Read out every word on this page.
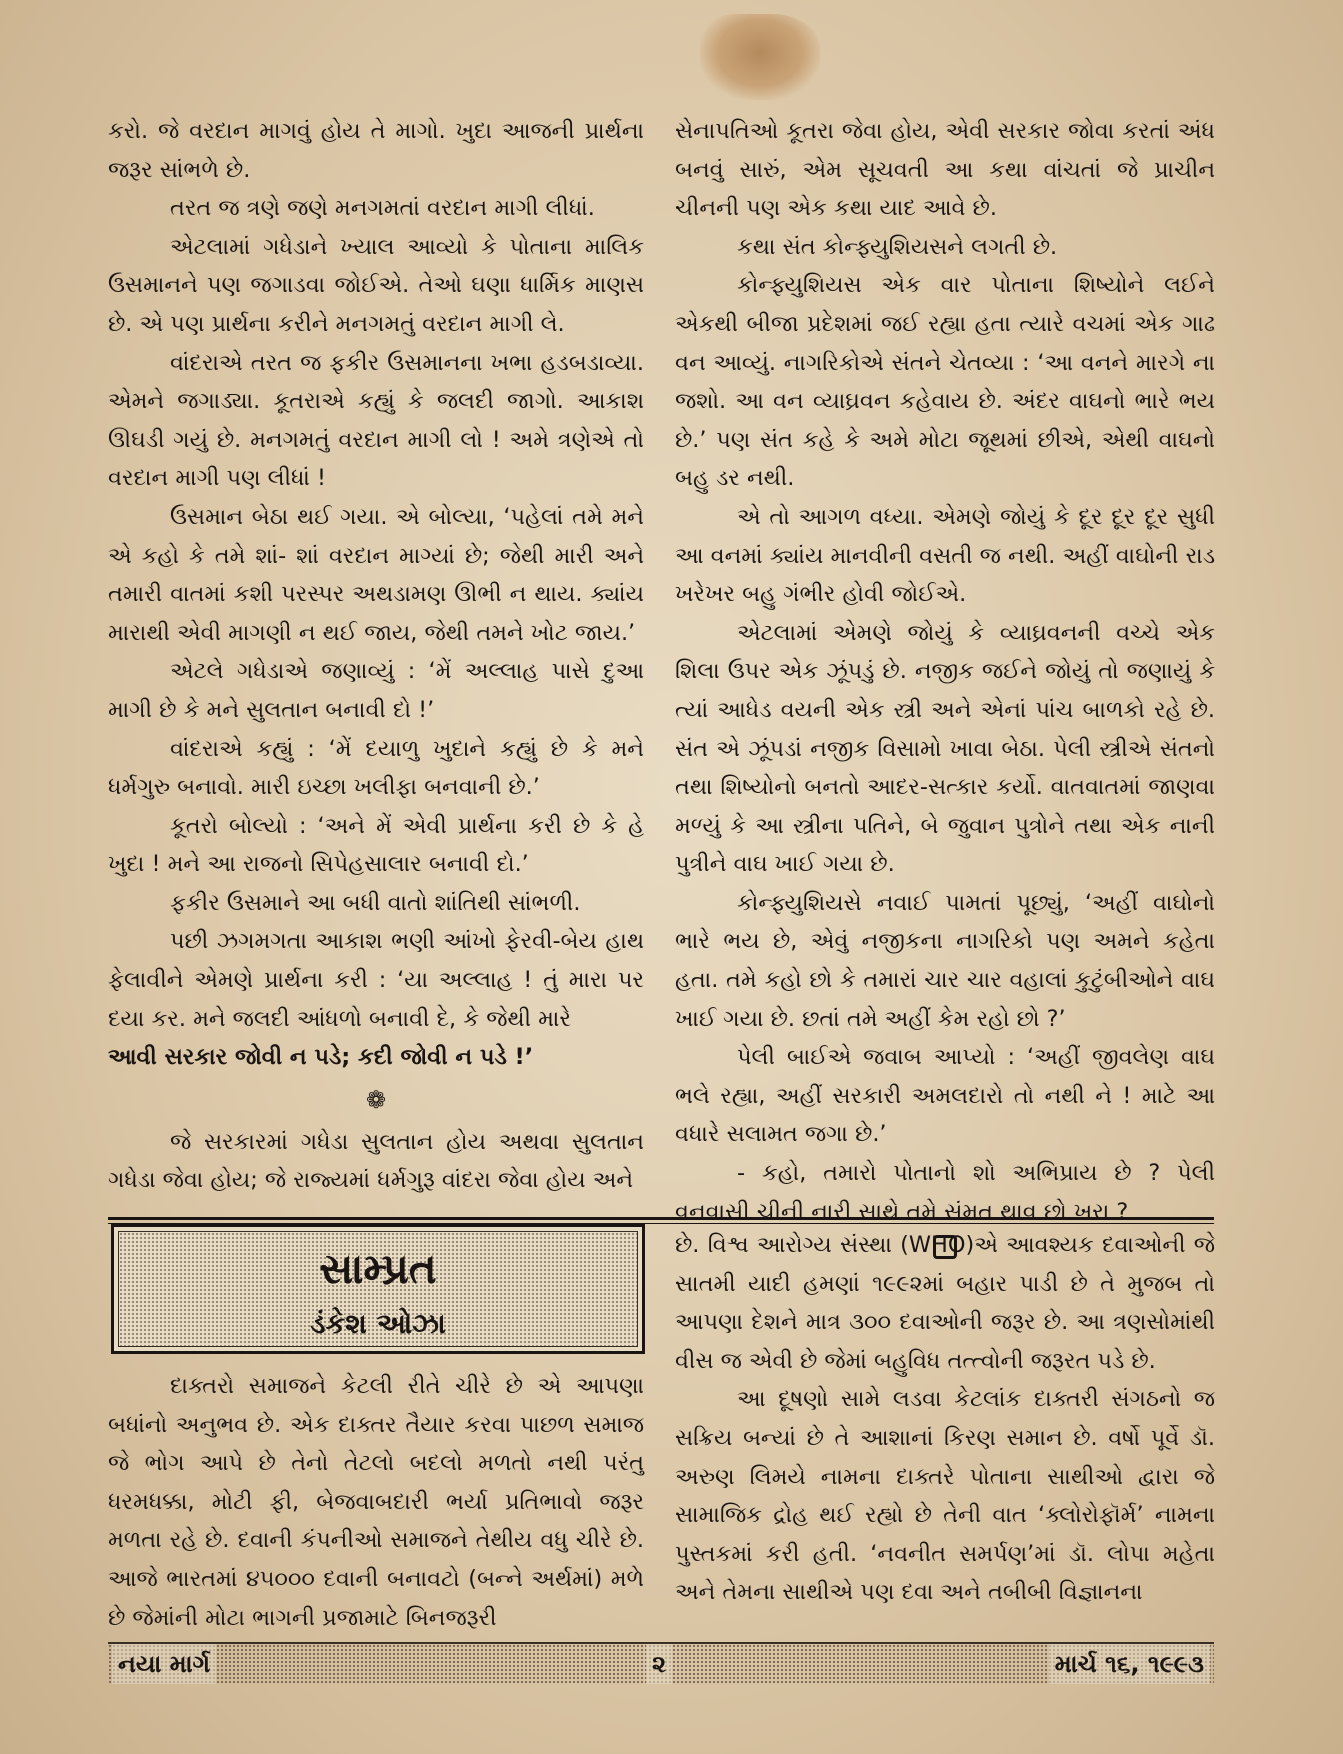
કરો. જે વરદાન માગવું હોય તે માગો. ખુદા આજની પ્રાર્થના જરૂર સાંભળે છે.

તરત જ ત્રણે જણે મનગમતાં વરદાન માગી લીધાં.

એટલામાં ગધેડાને ખ્યાલ આવ્યો કે પોતાના માલિક ઉસમાનને પણ જગાડવા જોઈએ. તેઓ ઘણા ધાર્મિક માણસ છે. એ પણ પ્રાર્થના કરીને મનગમતું વરદાન માગી લે.

વાંદરાએ તરત જ ફકીર ઉસમાનના ખભા હડબડાવ્યા. એમને જગાડ્યા. કૂતરાએ કહ્યું કે જલદી જાગો. આકાશ ઊઘડી ગયું છે. મનગમતું વરદાન માગી લો ! અમે ત્રણેએ તો વરદાન માગી પણ લીધાં !

ઉસમાન બેઠા થઈ ગયા. એ બોલ્યા, ‘પહેલાં તમે મને એ કહો કે તમે શાં- શાં વરદાન માગ્યાં છે; જેથી મારી અને તમારી વાતમાં કશી પરસ્પર અથડામણ ઊભી ન થાય. ક્યાંય મારાથી એવી માગણી ન થઈ જાય, જેથી તમને ખોટ જાય.’

એટલે ગધેડાએ જણાવ્યું : ‘મેં અલ્લાહ પાસે દુઆ માગી છે કે મને સુલતાન બનાવી દો !’

વાંદરાએ કહ્યું : ‘મેં દયાળુ ખુદાને કહ્યું છે કે મને ધર્મગુરુ બનાવો. મારી ઇચ્છા ખલીફા બનવાની છે.’

કૂતરો બોલ્યો : ‘અને મેં એવી પ્રાર્થના કરી છે કે હે ખુદા ! મને આ રાજનો સિપેહસાલાર બનાવી દો.’

ફકીર ઉસમાને આ બધી વાતો શાંતિથી સાંભળી.

પછી ઝગમગતા આકાશ ભણી આંખો ફેરવી-બેય હાથ ફેલાવીને એમણે પ્રાર્થના કરી : ‘યા અલ્લાહ ! તું મારા પર દયા કર. મને જલદી આંધળો બનાવી દે, કે જેથી મારે

આવી સરકાર જોવી ન પડે; કદી જોવી ન પડે !’

❁

જે સરકારમાં ગધેડા સુલતાન હોય અથવા સુલતાન ગધેડા જેવા હોય; જે રાજ્યમાં ધર્મગુરૂ વાંદરા જેવા હોય અને

સેનાપતિઓ કૂતરા જેવા હોય, એવી સરકાર જોવા કરતાં અંધ બનવું સારું, એમ સૂચવતી આ કથા વાંચતાં જે પ્રાચીન ચીનની પણ એક કથા યાદ આવે છે.

કથા સંત કોન્ફ્યુશિયસને લગતી છે.

કોન્ફ્યુશિયસ એક વાર પોતાના શિષ્યોને લઈને એકથી બીજા પ્રદેશમાં જઈ રહ્યા હતા ત્યારે વચમાં એક ગાઢ વન આવ્યું. નાગરિકોએ સંતને ચેતવ્યા : ‘આ વનને મારગે ના જશો. આ વન વ્યાઘ્રવન કહેવાય છે. અંદર વાઘનો ભારે ભય છે.’ પણ સંત કહે કે અમે મોટા જૂથમાં છીએ, એથી વાઘનો બહુ ડર નથી.

એ તો આગળ વધ્યા. એમણે જોયું કે દૂર દૂર દૂર સુધી આ વનમાં ક્યાંય માનવીની વસતી જ નથી. અહીં વાઘોની રાડ ખરેખર બહુ ગંભીર હોવી જોઈએ.

એટલામાં એમણે જોયું કે વ્યાઘ્રવનની વચ્ચે એક શિલા ઉપર એક ઝૂંપડું છે. નજીક જઈને જોયું તો જણાયું કે ત્યાં આધેડ વયની એક સ્ત્રી અને એનાં પાંચ બાળકો રહે છે. સંત એ ઝૂંપડાં નજીક વિસામો ખાવા બેઠા. પેલી સ્ત્રીએ સંતનો તથા શિષ્યોનો બનતો આદર-સત્કાર કર્યો. વાતવાતમાં જાણવા મળ્યું કે આ સ્ત્રીના પતિને, બે જુવાન પુત્રોને તથા એક નાની પુત્રીને વાઘ ખાઈ ગયા છે.

કોન્ફ્યુશિયસે નવાઈ પામતાં પૂછ્યું, ‘અહીં વાઘોનો ભારે ભય છે, એવું નજીકના નાગરિકો પણ અમને કહેતા હતા. તમે કહો છો કે તમારાં ચાર ચાર વહાલાં કુટુંબીઓને વાઘ ખાઈ ગયા છે. છતાં તમે અહીં કેમ રહો છો ?’

પેલી બાઈએ જવાબ આપ્યો : ‘અહીં જીવલેણ વાઘ ભલે રહ્યા, અહીં સરકારી અમલદારો તો નથી ને ! માટે આ વધારે સલામત જગા છે.’

- કહો, તમારો પોતાનો શો અભિપ્રાય છે ? પેલી વનવાસી ચીની નારી સાથે તમે સંમત થાવ છો ખરા ?

સામ્પ્રત
ડંકેશ ઓઝા

દાક્તરો સમાજને કેટલી રીતે ચીરે છે એ આપણા બધાંનો અનુભવ છે. એક દાક્તર તૈયાર કરવા પાછળ સમાજ જે ભોગ આપે છે તેનો તેટલો બદલો મળતો નથી પરંતુ ધરમધક્કા, મોટી ફી, બેજવાબદારી ભર્યા પ્રતિભાવો જરૂર મળતા રહે છે. દવાની કંપનીઓ સમાજને તેથીય વધુ ચીરે છે. આજે ભારતમાં ૪૫૦૦૦ દવાની બનાવટો (બન્ને અર્થમાં) મળે છે જેમાંની મોટા ભાગની પ્રજામાટે બિનજરૂરી

છે. વિશ્વ આરોગ્ય સંસ્થા (WHO)એ આવશ્યક દવાઓની જે સાતમી યાદી હમણાં ૧૯૯૨માં બહાર પાડી છે તે મુજબ તો આપણા દેશને માત્ર ૩૦૦ દવાઓની જરૂર છે. આ ત્રણસોમાંથી વીસ જ એવી છે જેમાં બહુવિધ તત્ત્વોની જરૂરત પડે છે.

આ દૂષણો સામે લડવા કેટલાંક દાક્તરી સંગઠનો જ સક્રિય બન્યાં છે તે આશાનાં કિરણ સમાન છે. વર્ષો પૂર્વે ડૉ. અરુણ લિમયે નામના દાક્તરે પોતાના સાથીઓ દ્વારા જે સામાજિક દ્રોહ થઈ રહ્યો છે તેની વાત ‘ક્લોરોફૉર્મ’ નામના પુસ્તકમાં કરી હતી. ‘નવનીત સમર્પણ’માં ડૉ. લોપા મહેતા અને તેમના સાથીએ પણ દવા અને તબીબી વિજ્ઞાનના

નયા માર્ગ	૨	માર્ચ ૧૬, ૧૯૯૩
